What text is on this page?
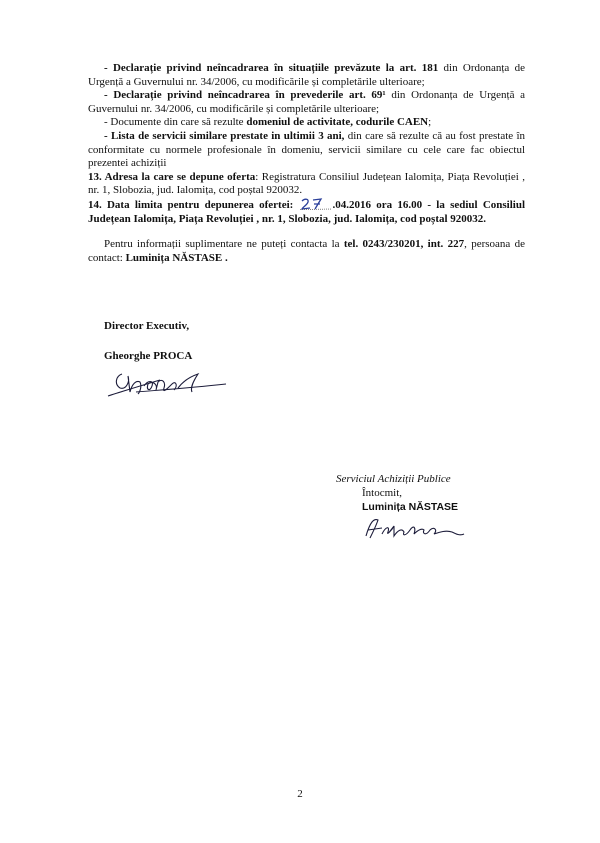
- Declarație privind neîncadrarea în situațiile prevăzute la art. 181 din Ordonanța de Urgență a Guvernului nr. 34/2006, cu modificările și completările ulterioare;

- Declarație privind neîncadrarea în prevederile art. 69¹ din Ordonanța de Urgență a Guvernului nr. 34/2006, cu modificările și completările ulterioare;

- Documente din care să rezulte domeniul de activitate, codurile CAEN;

- Lista de servicii similare prestate in ultimii 3 ani, din care să rezulte că au fost prestate în conformitate cu normele profesionale în domeniu, servicii similare cu cele care fac obiectul prezentei achiziții

13. Adresa la care se depune oferta: Registratura Consiliul Județean Ialomița, Piața Revoluției , nr. 1, Slobozia, jud. Ialomița, cod poștal 920032.

14. Data limita pentru depunerea ofertei:	.04.2016 ora 16.00 - la sediul Consiliul Județean Ialomița, Piața Revoluției , nr. 1, Slobozia, jud. Ialomița, cod poștal 920032.

Pentru informații suplimentare ne puteți contacta la tel. 0243/230201, int. 227, persoana de contact: Luminița NĂSTASE .

Director Executiv,
Gheorghe PROCA
Serviciul Achiziții Publice
Întocmit,
Luminița NĂSTASE
2
